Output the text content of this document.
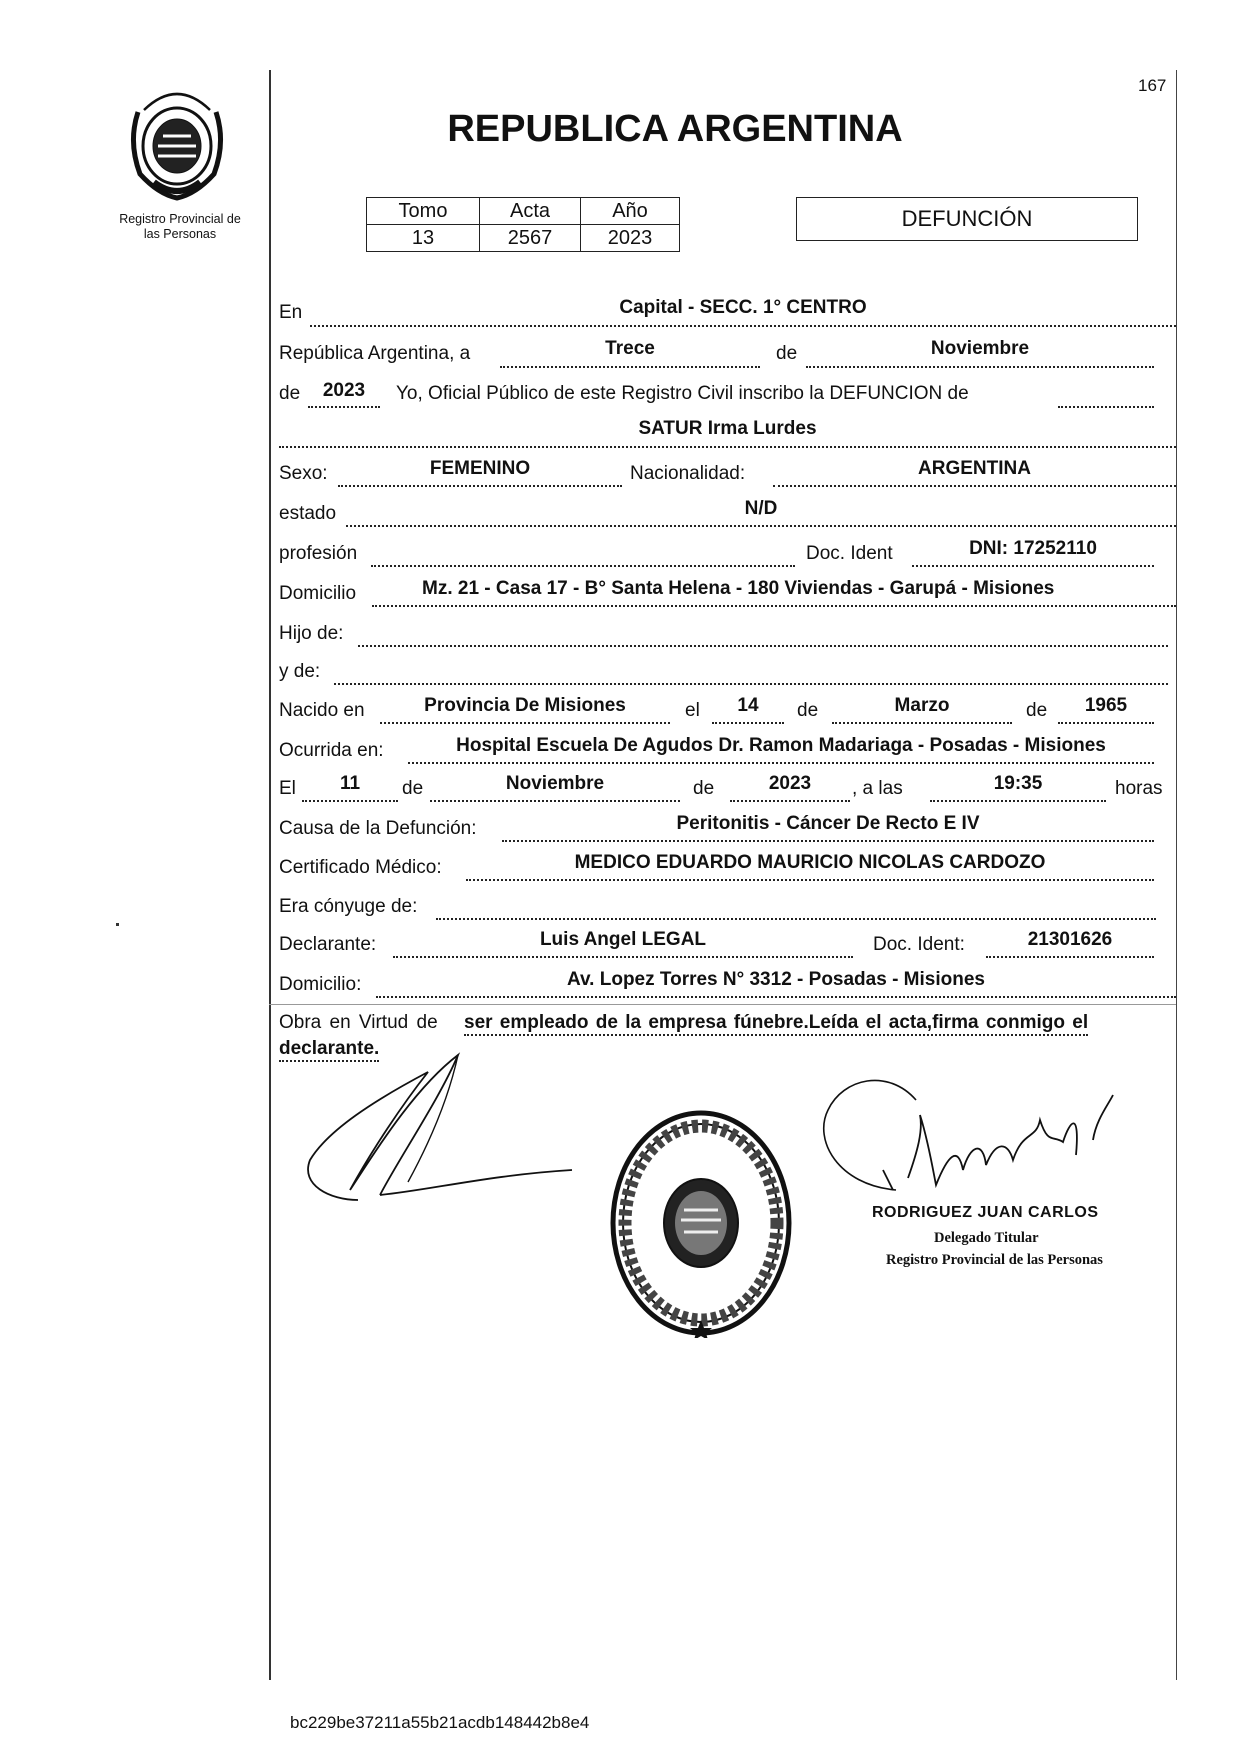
167
Registro Provincial de
las Personas
REPUBLICA ARGENTINA
Tomo	Acta	Año
13	2567	2023
DEFUNCIÓN
En	Capital - SECC. 1° CENTRO
República Argentina, a	Trece	de	Noviembre
de	2023	Yo, Oficial Público de este Registro Civil inscribo la DEFUNCION de
SATUR Irma Lurdes
Sexo:	FEMENINO	Nacionalidad:	ARGENTINA
estado	N/D
profesión	Doc. Ident	DNI: 17252110
Domicilio	Mz. 21 - Casa 17 - B° Santa Helena - 180 Viviendas - Garupá - Misiones
Hijo de:
y de:
Nacido en	Provincia De Misiones	el	14	de	Marzo	de	1965
Ocurrida en:	Hospital Escuela De Agudos Dr. Ramon Madariaga - Posadas - Misiones
El	11	de	Noviembre	de	2023	, a las	19:35	horas
Causa de la Defunción:	Peritonitis - Cáncer De Recto E IV
Certificado Médico:	MEDICO EDUARDO MAURICIO NICOLAS CARDOZO
Era cónyuge de:
Declarante:	Luis Angel LEGAL	Doc. Ident:	21301626
Domicilio:	Av. Lopez Torres N° 3312 - Posadas - Misiones
Obra en Virtud de ser empleado de la empresa fúnebre.Leída el acta,firma conmigo el
declarante.
RODRIGUEZ JUAN CARLOS
Delegado Titular
Registro Provincial de las Personas
bc229be37211a55b21acdb148442b8e4
